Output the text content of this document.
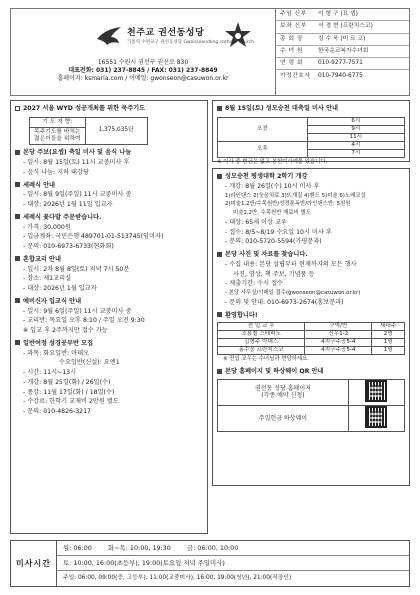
천주교 권선동성당
가톨릭 수원교구 권선동성당 Gwonseondong catholic church
16551 수원시 권선구 권선로 830
대표전화: 031) 237-8845 / FAX: 031) 237-8849
홈페이지: ksmaria.com / 이메일: gwonseon@casuwon.or.kr
주임 신부	이 형 구 (요 셉)
보좌 신부	서 경 현 (프란치스코)
총 회 장	정 수 욱 (미 르 코)
수 녀 원	한국순교복자수녀회
연 령 회	010-9277-7571
가정간호사	010-7940-6775
2027 서울 WYD 성공개최를 위한 묵주기도
기 도 지 향:	1,375,035단
목주기도를 바치는
젊은이들을 위하여
본당 주보(요셉) 축일 미사 및 음식 나눔
- 일시: 8월 15일(토) 11시 교중미사 후
- 음식 나눔: 지하 대강당
세례식 안내
- 일시: 8월 9일(주일) 11시 교중미사 중
- 대상: 2026년 1월 11일 입교자
세례식 꽃다발 주문받습니다.
- 가격: 30,000원
- 입금계좌: 국민은행 489701-01-513745(임미자)
- 문의: 010-6973-6733(현화회)
혼합교리 안내
- 일시: 2차 8월 8일(토) 저녁 7시 50분
- 장소: 제1교리실
- 대상: 2026년 1월 입교자
예비신자 입교식 안내
- 일시: 9월 6일(주일) 11시 교중미사 중
- 교리반: 목요일 오후 8:10 / 주일 오전 9:30
※ 입교 후 2주까지만 접수 가능
일반여정 성경공부반 모집
- 과목: 화요일반: 마태오
수요일반(신설): 요엔1
- 시간: 11시~13시
- 개강: 8월 25일(화) / 26일(수)
- 종강: 11월 17일(화) / 18일(수)
- 수강료: 한학기 교재비 2만원 별도
- 문의: 010-4826-3217
8월 15일(토) 성모승천 대축일 미사 안내
오전	6시
	9시
	11시
오후	4시
	7시
※ 이사 중 현금은 없고 봉헌미사예물 있습니다.
성모승천 평생대학 2학기 개강
- 개강: 8월 26일(수) 10시 미사 후
1)라인댄스 2)웃음치료 3)뜨개질 4)밴드 5)미술 6)노래교실
2)미술1,2반/수목원반/성경통독반/라인댄스반: 5천원
미술1,2반, 수목원반 재료비 별도
- 대상: 65세 이상 교우
- 접수: 8/5~8/19 수요일 10시 미사 후
- 문의: 010-5720-5594(가평분과)
본당 사진 및 자료를 찾습니다.
- 수집 내용: 본당 설립부터 현재까지의 모든 행사
사진, 영상, 책 주보, 기념품 등
- 제출기간: 수시 접수
- 본당 사무실/이메일 접수(gwonseon@casuwon.or.kr)
- 문의 및 안내: 010-6973-2674(홍보분과)
환영합니다!
전 입 교 우	구역/반	세대주
조용철 스테파노	신우1-2	2명
김형주 아녜스	4지구주공5-4	1명
홍수웅 프란치스코	4지구주공5-4	1명
※ 전입 교우는 수녀님과 면담하세요.
본당 홈페이지 및 하상웨이 QR 안내
권선동 성당 홈페이지
(각종 예약 신청)	

주일헌금 하상웨이	
미사시간
월: 06:00        화~목: 10:00, 19:30        금: 06:00, 10:00
토: 10:00, 16:00(초등부), 19:00(토요일 저녁 주일미사)
주일: 06:00, 09:00(중, 고등부), 11:00(교중미사), 16:00, 19:00(청년), 21:00(직장인)
